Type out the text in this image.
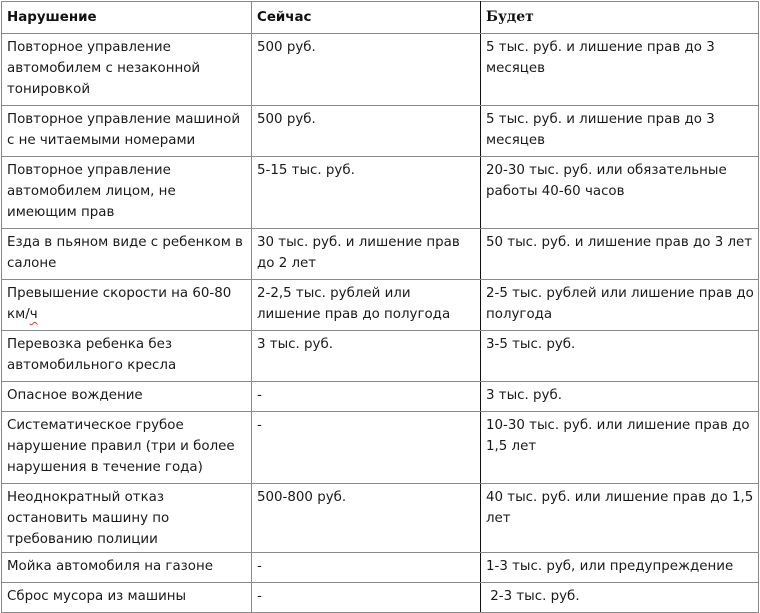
Нарушение	Сейчас	Будет
Повторное управление автомобилем с незаконной тонировкой	500 руб.	5 тыс. руб. и лишение прав до 3 месяцев
Повторное управление машиной с не читаемыми номерами	500 руб.	5 тыс. руб. и лишение прав до 3 месяцев
Повторное управление автомобилем лицом, не имеющим прав	5-15 тыс. руб.	20-30 тыс. руб. или обязательные работы 40-60 часов
Езда в пьяном виде с ребенком в салоне	30 тыс. руб. и лишение прав до 2 лет	50 тыс. руб. и лишение прав до 3 лет
Превышение скорости на 60-80 км/ч	2-2,5 тыс. рублей или лишение прав до полугода	2-5 тыс. рублей или лишение прав до полугода
Перевозка ребенка без автомобильного кресла	3 тыс. руб.	3-5 тыс. руб.
Опасное вождение	-	3 тыс. руб.
Систематическое грубое нарушение правил (три и более нарушения в течение года)	-	10-30 тыс. руб. или лишение прав до 1,5 лет
Неоднократный отказ остановить машину по требованию полиции	500-800 руб.	40 тыс. руб. или лишение прав до 1,5 лет
Мойка автомобиля на газоне	-	1-3 тыс. руб, или предупреждение
Сброс мусора из машины	-	2-3 тыс. руб.
